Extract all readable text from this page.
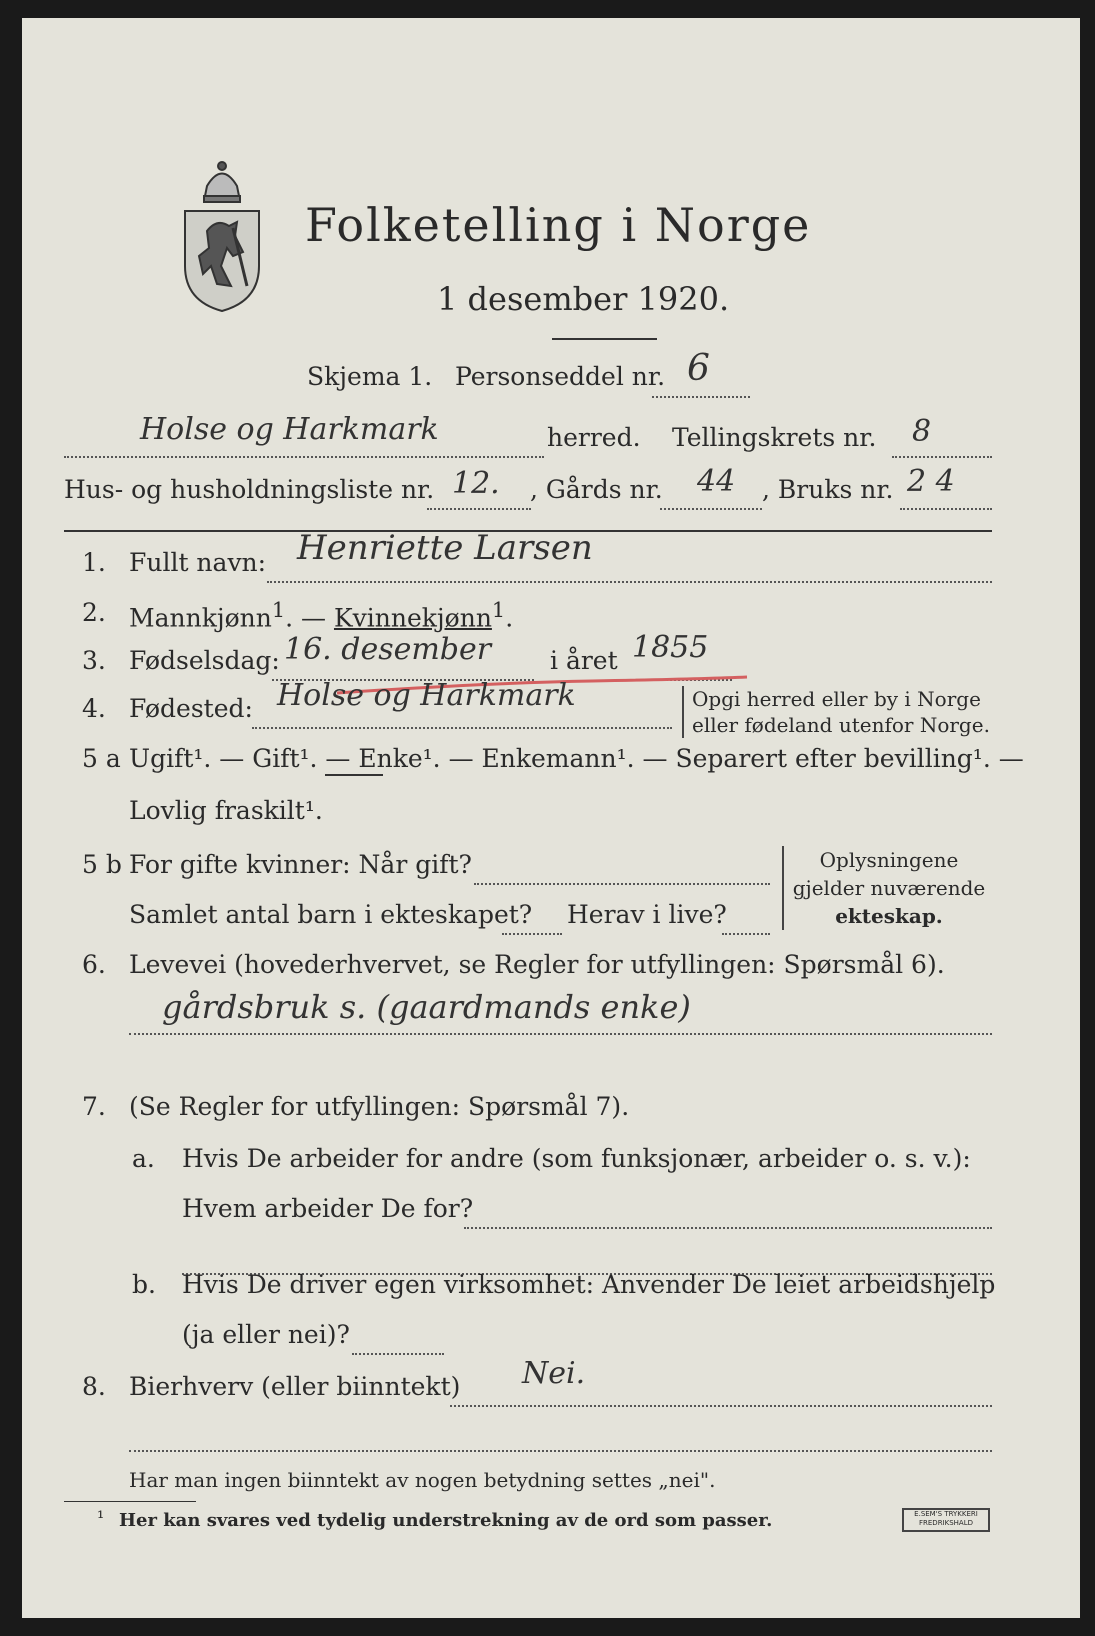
Folketelling i Norge
1 desember 1920.
Skjema 1. Personseddel nr. 6
Holse og Harkmark	herred. Tellingskrets nr. 8
Hus- og husholdningsliste nr. 12. , Gårds nr. 44 , Bruks nr. 2 4
1. Fullt navn: Henriette Larsen
2. Mannkjønn$^1$. — Kvinnekjønn$^1$.
3. Fødselsdag: 16. desember i året 1855
4. Fødested: Holse og Harkmark	Opgi herred eller by i Norge
eller fødeland utenfor Norge.
5 a Ugift¹. — Gift¹. — Enke¹. — Enkemann¹. — Separert efter bevilling¹. —
Lovlig fraskilt¹.
5 b For gifte kvinner: Når gift?
Samlet antal barn i ekteskapet? Herav i live?
Oplysningene
gjelder nuværende
ekteskap.
6. Levevei (hovederhvervet, se Regler for utfyllingen: Spørsmål 6).
gårdsbruk s. (gaardmands enke)
7. (Se Regler for utfyllingen: Spørsmål 7).
a. Hvis De arbeider for andre (som funksjonær, arbeider o. s. v.):
Hvem arbeider De for?
b. Hvis De driver egen virksomhet: Anvender De leiet arbeidshjelp
(ja eller nei)?
8. Bierhverv (eller biinntekt) Nei.
Har man ingen biinntekt av nogen betydning settes „nei".
¹ Her kan svares ved tydelig understrekning av de ord som passer.	E.SEM'S TRYKKERI
FREDRIKSHALD
